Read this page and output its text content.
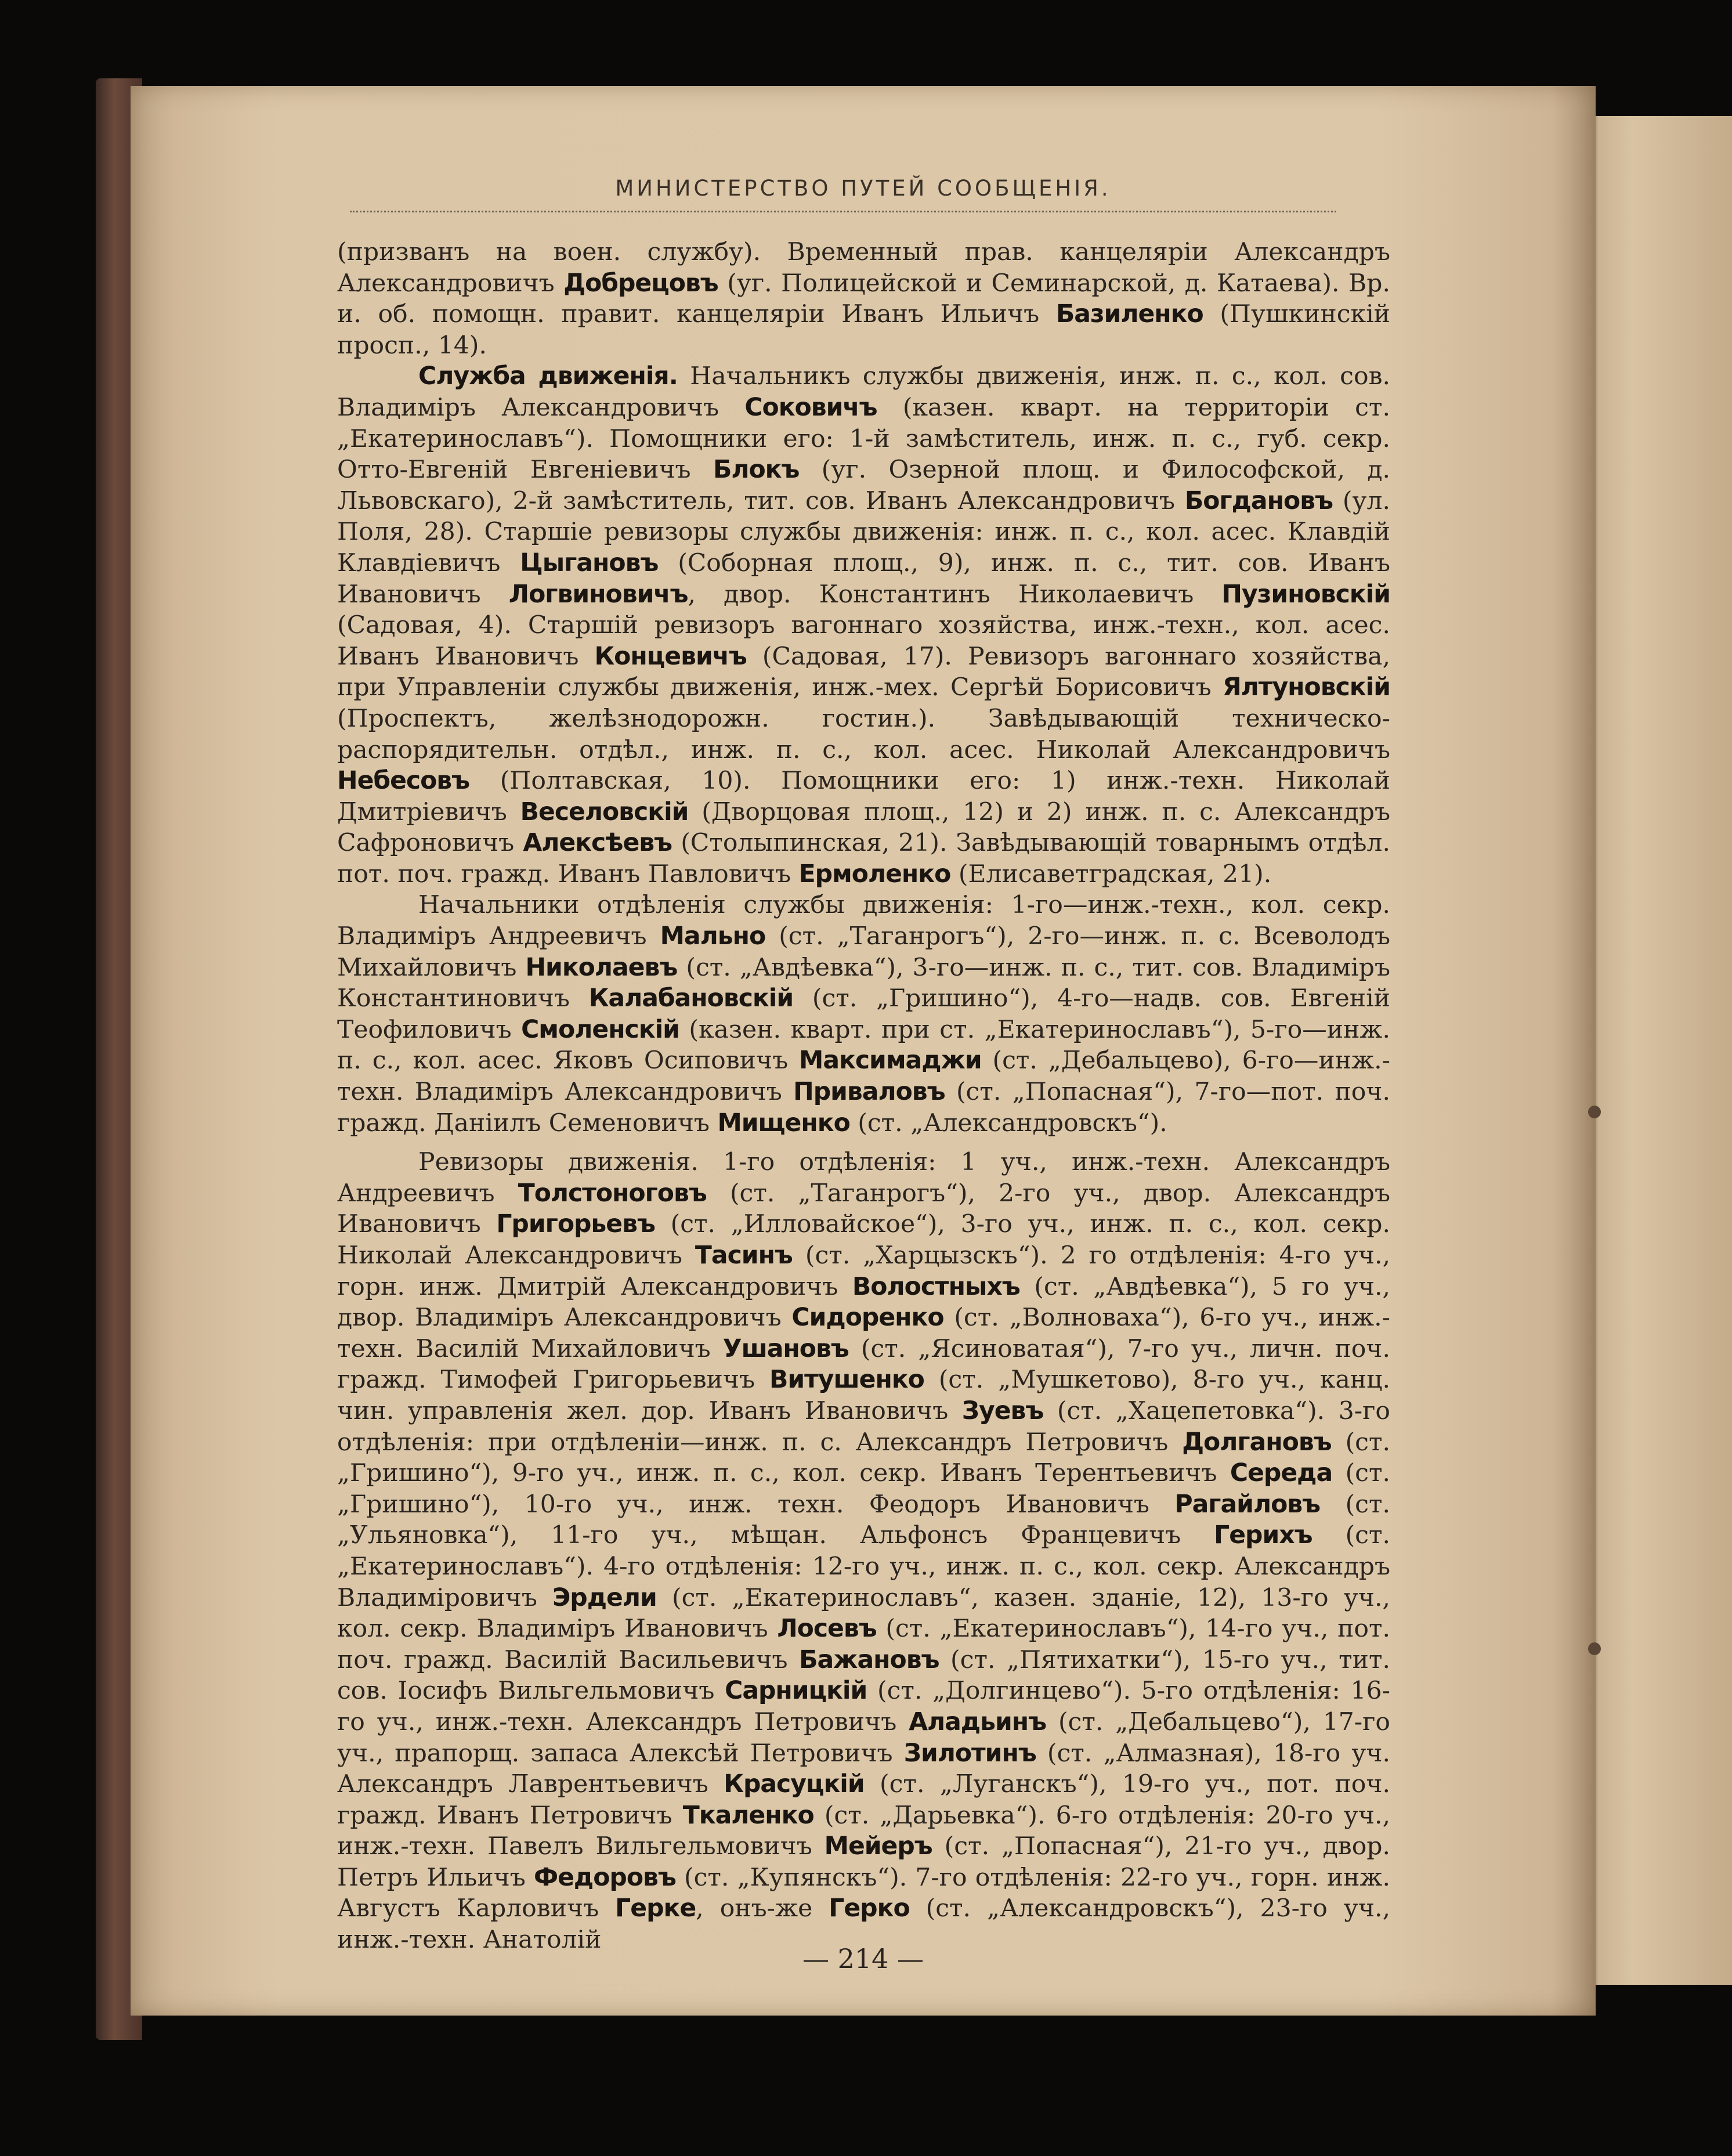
МИНИСТЕРСТВО ПУТЕЙ СООБЩЕНІЯ.

(призванъ на воен. службу). Временный прав. канцеляріи Александръ Александровичъ Добрецовъ (уг. Полицейской и Семинарской, д. Катаева). Вр. и. об. помощн. правит. канцеляріи Иванъ Ильичъ Базиленко (Пушкинскій просп., 14).

Служба движенія. Начальникъ службы движенія, инж. п. с., кол. сов. Владиміръ Александровичъ Соковичъ (казен. кварт. на территоріи ст. „Екатеринославъ“). Помощники его: 1-й замѣститель, инж. п. с., губ. секр. Отто-Евгеній Евгеніевичъ Блокъ (уг. Озерной площ. и Философской, д. Львовскаго), 2-й замѣститель, тит. сов. Иванъ Александровичъ Богдановъ (ул. Поля, 28). Старшіе ревизоры службы движенія: инж. п. с., кол. асес. Клавдій Клавдіевичъ Цыгановъ (Соборная площ., 9), инж. п. с., тит. сов. Иванъ Ивановичъ Логвиновичъ, двор. Константинъ Николаевичъ Пузиновскій (Садовая, 4). Старшій ревизоръ вагоннаго хозяйства, инж.-техн., кол. асес. Иванъ Ивановичъ Концевичъ (Садовая, 17). Ревизоръ вагоннаго хозяйства, при Управленіи службы движенія, инж.-мех. Сергѣй Борисовичъ Ялтуновскій (Проспектъ, желѣзнодорожн. гостин.). Завѣдывающій техническо-распорядительн. отдѣл., инж. п. с., кол. асес. Николай Александровичъ Небесовъ (Полтавская, 10). Помощники его: 1) инж.-техн. Николай Дмитріевичъ Веселовскій (Дворцовая площ., 12) и 2) инж. п. с. Александръ Сафроновичъ Алексѣевъ (Столыпинская, 21). Завѣдывающій товарнымъ отдѣл. пот. поч. гражд. Иванъ Павловичъ Ермоленко (Елисаветградская, 21).

Начальники отдѣленія службы движенія: 1-го—инж.-техн., кол. секр. Владиміръ Андреевичъ Мально (ст. „Таганрогъ“), 2-го—инж. п. с. Всеволодъ Михайловичъ Николаевъ (ст. „Авдѣевка“), 3-го—инж. п. с., тит. сов. Владиміръ Константиновичъ Калабановскій (ст. „Гришино“), 4-го—надв. сов. Евгеній Теофиловичъ Смоленскій (казен. кварт. при ст. „Екатеринославъ“), 5-го—инж. п. с., кол. асес. Яковъ Осиповичъ Максимаджи (ст. „Дебальцево), 6-го—инж.-техн. Владиміръ Александровичъ Приваловъ (ст. „Попасная“), 7-го—пот. поч. гражд. Даніилъ Семеновичъ Мищенко (ст. „Александровскъ“).

Ревизоры движенія. 1-го отдѣленія: 1 уч., инж.-техн. Александръ Андреевичъ Толстоноговъ (ст. „Таганрогъ“), 2-го уч., двор. Александръ Ивановичъ Григорьевъ (ст. „Илловайское“), 3-го уч., инж. п. с., кол. секр. Николай Александровичъ Тасинъ (ст. „Харцызскъ“). 2 го отдѣленія: 4-го уч., горн. инж. Дмитрій Александровичъ Волостныхъ (ст. „Авдѣевка“), 5 го уч., двор. Владиміръ Александровичъ Сидоренко (ст. „Волноваха“), 6-го уч., инж.-техн. Василій Михайловичъ Ушановъ (ст. „Ясиноватая“), 7-го уч., личн. поч. гражд. Тимофей Григорьевичъ Витушенко (ст. „Мушкетово), 8-го уч., канц. чин. управленія жел. дор. Иванъ Ивановичъ Зуевъ (ст. „Хацепетовка“). 3-го отдѣленія: при отдѣленіи—инж. п. с. Александръ Петровичъ Долгановъ (ст. „Гришино“), 9-го уч., инж. п. с., кол. секр. Иванъ Терентьевичъ Середа (ст. „Гришино“), 10-го уч., инж. техн. Феодоръ Ивановичъ Рагайловъ (ст. „Ульяновка“), 11-го уч., мѣщан. Альфонсъ Францевичъ Герихъ (ст. „Екатеринославъ“). 4-го отдѣленія: 12-го уч., инж. п. с., кол. секр. Александръ Владиміровичъ Эрдели (ст. „Екатеринославъ“, казен. зданіе, 12), 13-го уч., кол. секр. Владиміръ Ивановичъ Лосевъ (ст. „Екатеринославъ“), 14-го уч., пот. поч. гражд. Василій Васильевичъ Бажановъ (ст. „Пятихатки“), 15-го уч., тит. сов. Іосифъ Вильгельмовичъ Сарницкій (ст. „Долгинцево“). 5-го отдѣленія: 16-го уч., инж.-техн. Александръ Петровичъ Аладьинъ (ст. „Дебальцево“), 17-го уч., прапорщ. запаса Алексѣй Петровичъ Зилотинъ (ст. „Алмазная), 18-го уч. Александръ Лаврентьевичъ Красуцкій (ст. „Луганскъ“), 19-го уч., пот. поч. гражд. Иванъ Петровичъ Ткаленко (ст. „Дарьевка“). 6-го отдѣленія: 20-го уч., инж.-техн. Павелъ Вильгельмовичъ Мейеръ (ст. „Попасная“), 21-го уч., двор. Петръ Ильичъ Федоровъ (ст. „Купянскъ“). 7-го отдѣленія: 22-го уч., горн. инж. Августъ Карловичъ Герке, онъ-же Герко (ст. „Александровскъ“), 23-го уч., инж.-техн. Анатолій

— 214 —
